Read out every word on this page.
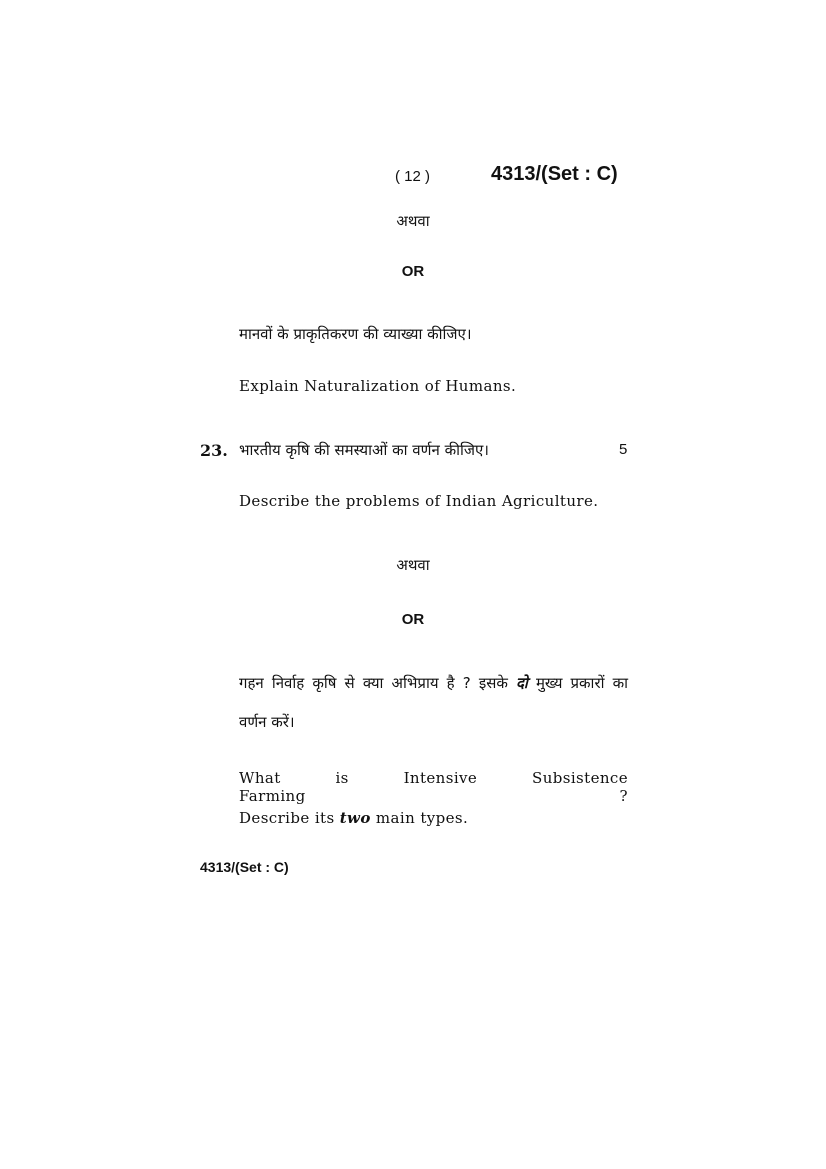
( 12 )	4313/(Set : C)
अथवा
OR
मानवों के प्राकृतिकरण की व्याख्या कीजिए।
Explain Naturalization of Humans.
23. भारतीय कृषि की समस्याओं का वर्णन कीजिए।	5
Describe the problems of Indian Agriculture.
अथवा
OR
गहन निर्वाह कृषि से क्या अभिप्राय है ? इसके दो मुख्य प्रकारों का
वर्णन करें।
What is Intensive Subsistence Farming ?
Describe its two main types.
4313/(Set : C)
